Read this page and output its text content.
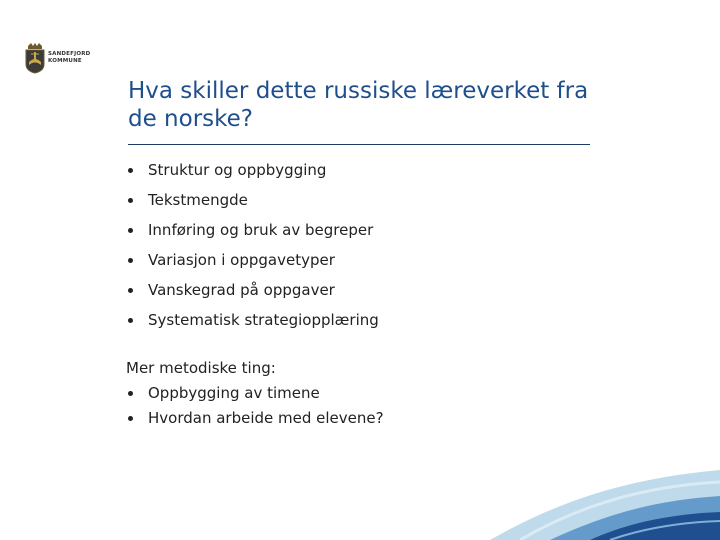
SANDEFJORD
KOMMUNE
Hva skiller dette russiske læreverket fra de norske?
Struktur og oppbygging
Tekstmengde
Innføring og bruk av begreper
Variasjon i oppgavetyper
Vanskegrad på oppgaver
Systematisk strategiopplæring

Mer metodiske ting:

Oppbygging av timene
Hvordan arbeide med elevene?
